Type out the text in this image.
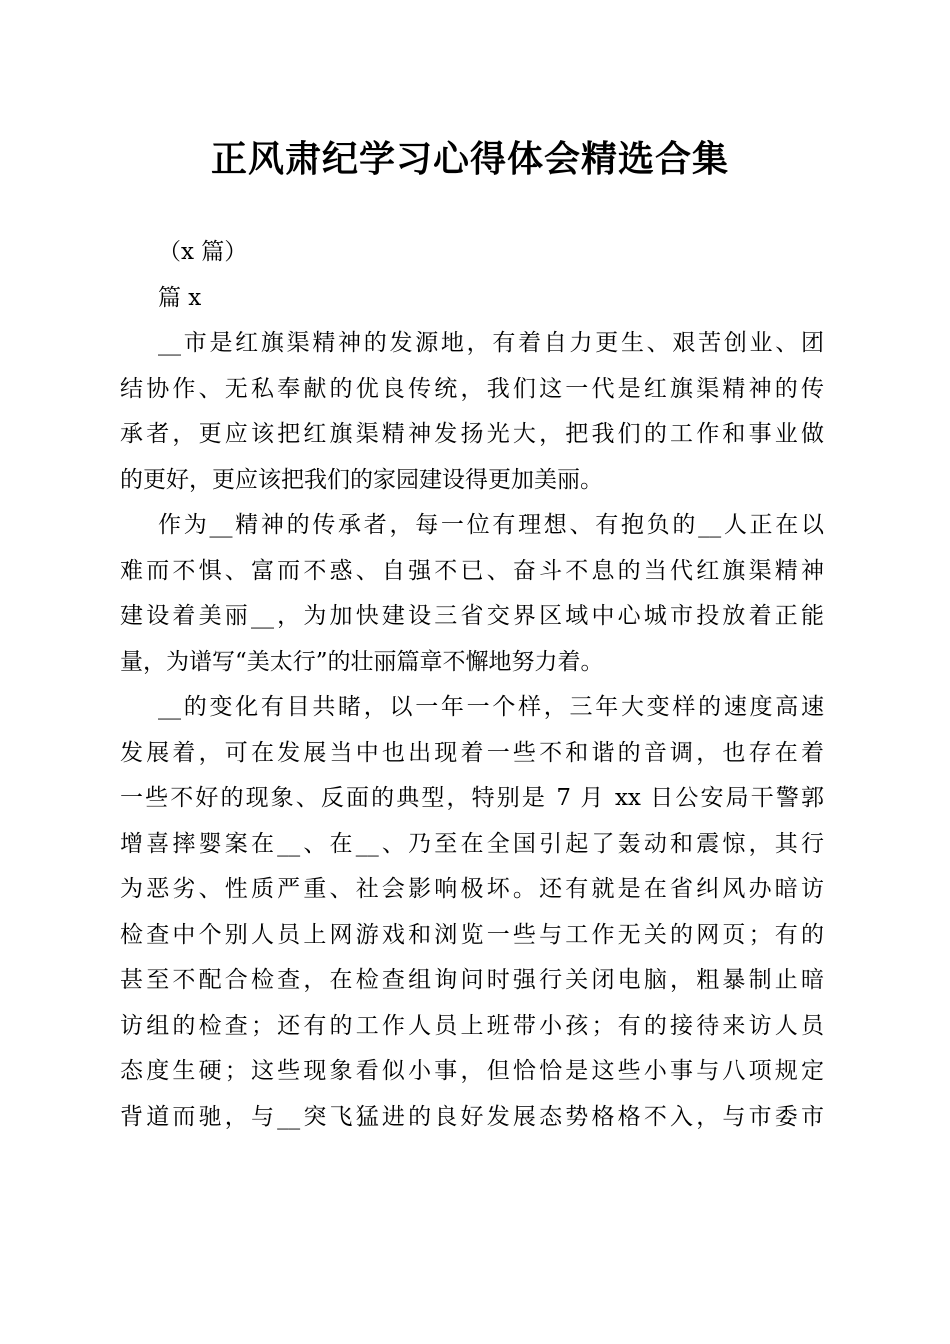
正风肃纪学习心得体会精选合集

（x 篇）

篇 x

__市是红旗渠精神的发源地，有着自力更生、艰苦创业、团

结协作、无私奉献的优良传统，我们这一代是红旗渠精神的传

承者，更应该把红旗渠精神发扬光大，把我们的工作和事业做

的更好，更应该把我们的家园建设得更加美丽。

作为__精神的传承者，每一位有理想、有抱负的__人正在以

难而不惧、富而不惑、自强不已、奋斗不息的当代红旗渠精神

建设着美丽__，为加快建设三省交界区域中心城市投放着正能

量，为谱写“美太行”的壮丽篇章不懈地努力着。

__的变化有目共睹，以一年一个样，三年大变样的速度高速

发展着，可在发展当中也出现着一些不和谐的音调，也存在着

一些不好的现象、反面的典型，特别是 7 月 xx 日公安局干警郭

增喜摔婴案在__、在__、乃至在全国引起了轰动和震惊，其行

为恶劣、性质严重、社会影响极坏。还有就是在省纠风办暗访

检查中个别人员上网游戏和浏览一些与工作无关的网页；有的

甚至不配合检查，在检查组询问时强行关闭电脑，粗暴制止暗

访组的检查；还有的工作人员上班带小孩；有的接待来访人员

态度生硬；这些现象看似小事，但恰恰是这些小事与八项规定

背道而驰，与__突飞猛进的良好发展态势格格不入，与市委市
